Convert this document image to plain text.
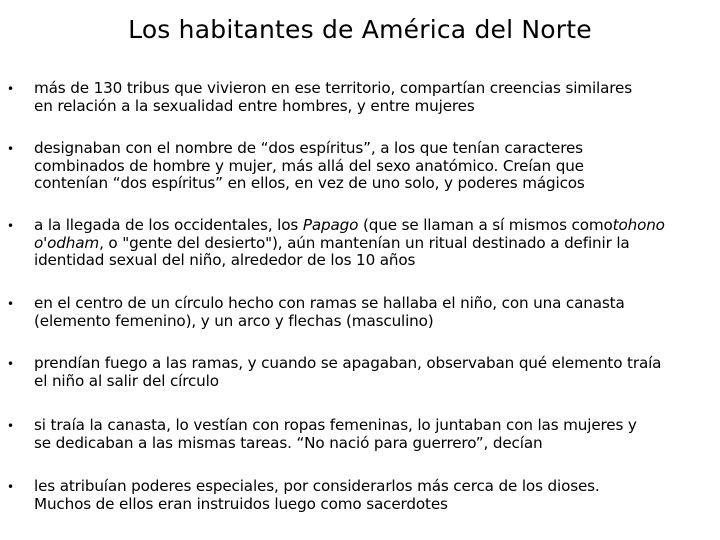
Los habitantes de América del Norte
• más de 130 tribus que vivieron en ese territorio, compartían creencias similares
en relación a la sexualidad entre hombres, y entre mujeres

• designaban con el nombre de “dos espíritus”, a los que tenían caracteres
combinados de hombre y mujer, más allá del sexo anatómico. Creían que
contenían “dos espíritus” en ellos, en vez de uno solo, y poderes mágicos

• a la llegada de los occidentales, los Papago (que se llaman a sí mismos comotohono
o'odham, o "gente del desierto"), aún mantenían un ritual destinado a definir la
identidad sexual del niño, alrededor de los 10 años

• en el centro de un círculo hecho con ramas se hallaba el niño, con una canasta
(elemento femenino), y un arco y flechas (masculino)

• prendían fuego a las ramas, y cuando se apagaban, observaban qué elemento traía
el niño al salir del círculo

• si traía la canasta, lo vestían con ropas femeninas, lo juntaban con las mujeres y
se dedicaban a las mismas tareas. “No nació para guerrero”, decían

• les atribuían poderes especiales, por considerarlos más cerca de los dioses.
Muchos de ellos eran instruidos luego como sacerdotes
